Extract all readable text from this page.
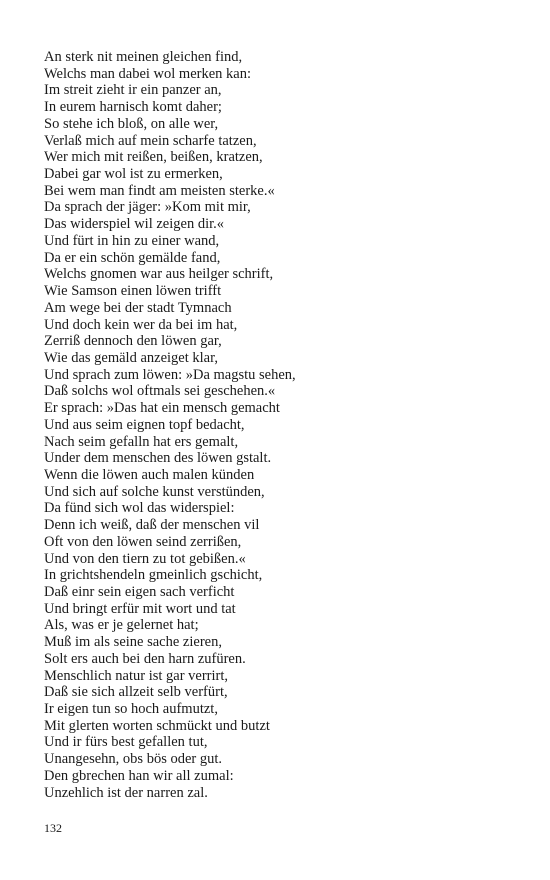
An sterk nit meinen gleichen find,
Welchs man dabei wol merken kan:
Im streit zieht ir ein panzer an,
In eurem harnisch komt daher;
So stehe ich bloß, on alle wer,
Verlaß mich auf mein scharfe tatzen,
Wer mich mit reißen, beißen, kratzen,
Dabei gar wol ist zu ermerken,
Bei wem man findt am meisten sterke.«
Da sprach der jäger: »Kom mit mir,
Das widerspiel wil zeigen dir.«
Und fürt in hin zu einer wand,
Da er ein schön gemälde fand,
Welchs gnomen war aus heilger schrift,
Wie Samson einen löwen trifft
Am wege bei der stadt Tymnach
Und doch kein wer da bei im hat,
Zerriß dennoch den löwen gar,
Wie das gemäld anzeiget klar,
Und sprach zum löwen: »Da magstu sehen,
Daß solchs wol oftmals sei geschehen.«
Er sprach: »Das hat ein mensch gemacht
Und aus seim eignen topf bedacht,
Nach seim gefalln hat ers gemalt,
Under dem menschen des löwen gstalt.
Wenn die löwen auch malen künden
Und sich auf solche kunst verstünden,
Da fünd sich wol das widerspiel:
Denn ich weiß, daß der menschen vil
Oft von den löwen seind zerrißen,
Und von den tiern zu tot gebißen.«
In grichtshendeln gmeinlich gschicht,
Daß einr sein eigen sach verficht
Und bringt erfür mit wort und tat
Als, was er je gelernet hat;
Muß im als seine sache zieren,
Solt ers auch bei den harn zufüren.
Menschlich natur ist gar verrirt,
Daß sie sich allzeit selb verfürt,
Ir eigen tun so hoch aufmutzt,
Mit glerten worten schmückt und butzt
Und ir fürs best gefallen tut,
Unangesehn, obs bös oder gut.
Den gbrechen han wir all zumal:
Unzehlich ist der narren zal.
132
